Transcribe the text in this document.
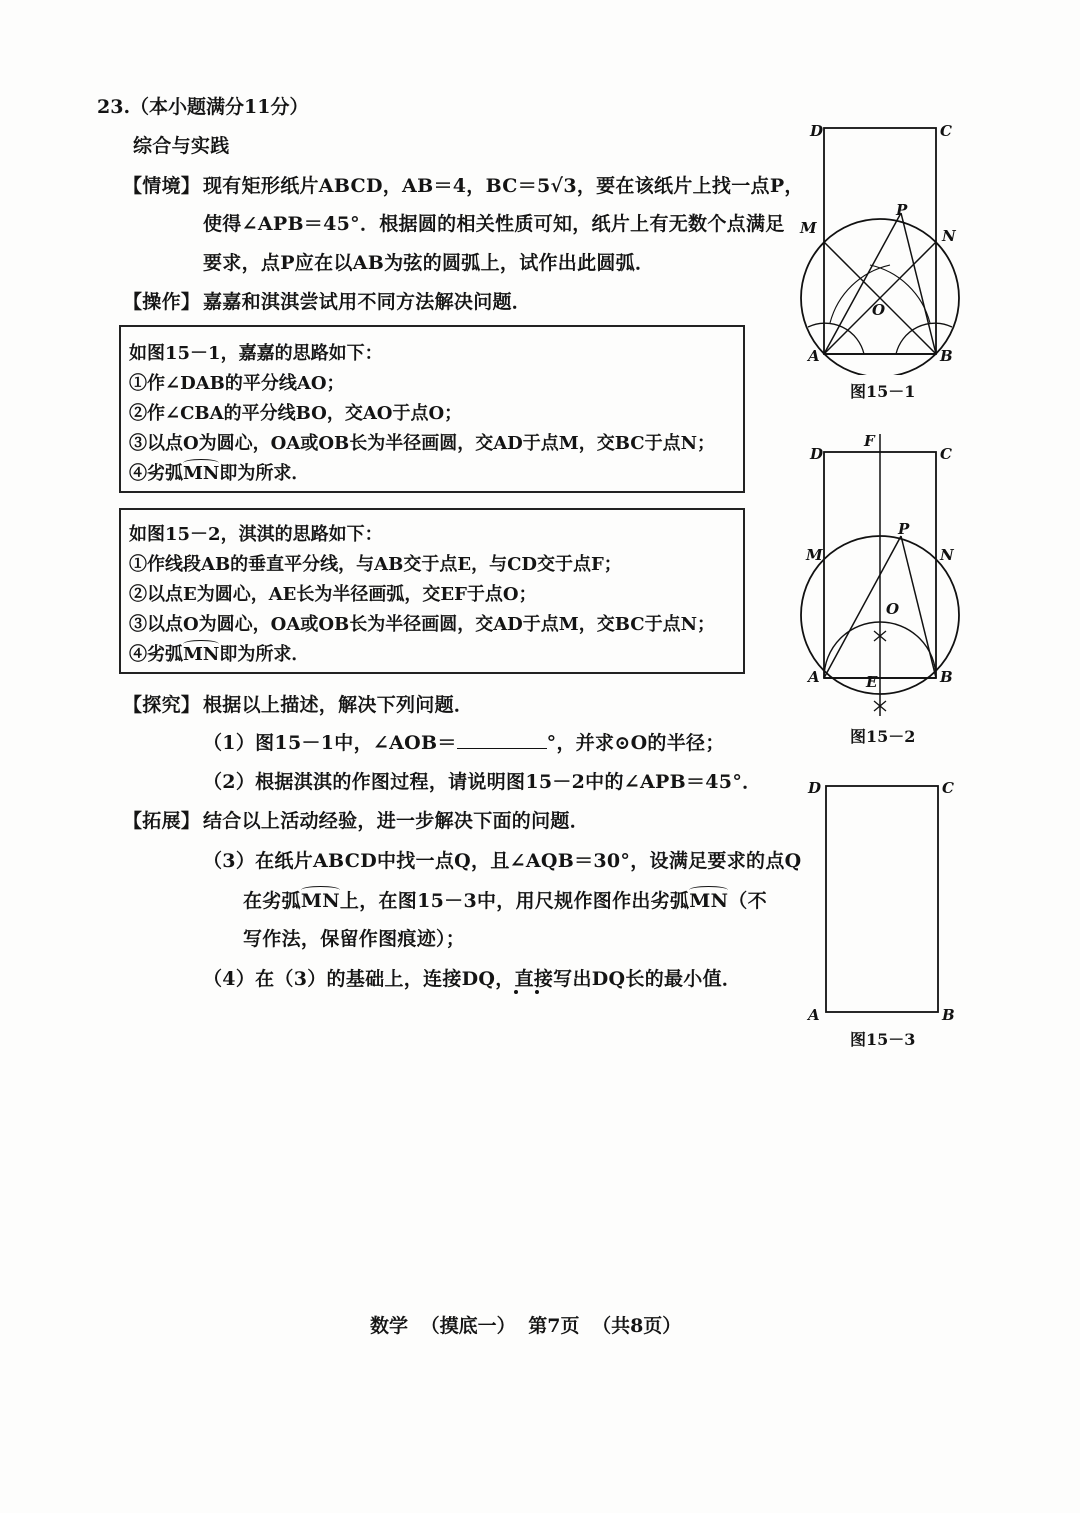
23.（本小题满分11分）
综合与实践
【情境】 现有矩形纸片ABCD，AB＝4，BC＝5√3，要在该纸片上找一点P，
使得∠APB＝45°．根据圆的相关性质可知，纸片上有无数个点满足
要求，点P应在以AB为弦的圆弧上，试作出此圆弧．
【操作】 嘉嘉和淇淇尝试用不同方法解决问题．
如图15－1，嘉嘉的思路如下：
①作∠DAB的平分线AO；
②作∠CBA的平分线BO，交AO于点O；
③以点O为圆心，OA或OB长为半径画圆，交AD于点M，交BC于点N；
④劣弧MN即为所求．
如图15－2，淇淇的思路如下：
①作线段AB的垂直平分线，与AB交于点E，与CD交于点F；
②以点E为圆心，AE长为半径画弧，交EF于点O；
③以点O为圆心，OA或OB长为半径画圆，交AD于点M，交BC于点N；
④劣弧MN即为所求．
【探究】 根据以上描述，解决下列问题．
（1）图15－1中，∠AOB＝	°，并求⊙O的半径；
（2）根据淇淇的作图过程，请说明图15－2中的∠APB＝45°．
【拓展】 结合以上活动经验，进一步解决下面的问题．
（3）在纸片ABCD中找一点Q，且∠AQB＝30°，设满足要求的点Q
在劣弧MN上，在图15－3中，用尺规作图作出劣弧MN（不
写作法，保留作图痕迹）；
（4）在（3）的基础上，连接DQ，直接写出DQ长的最小值．
D	C
M	N
P
O
A	B
图15－1
F
D	C
M	N
P
O
A	B
E
图15－2
D	C
A	B
图15－3
数学 （摸底一） 第7页 （共8页）
